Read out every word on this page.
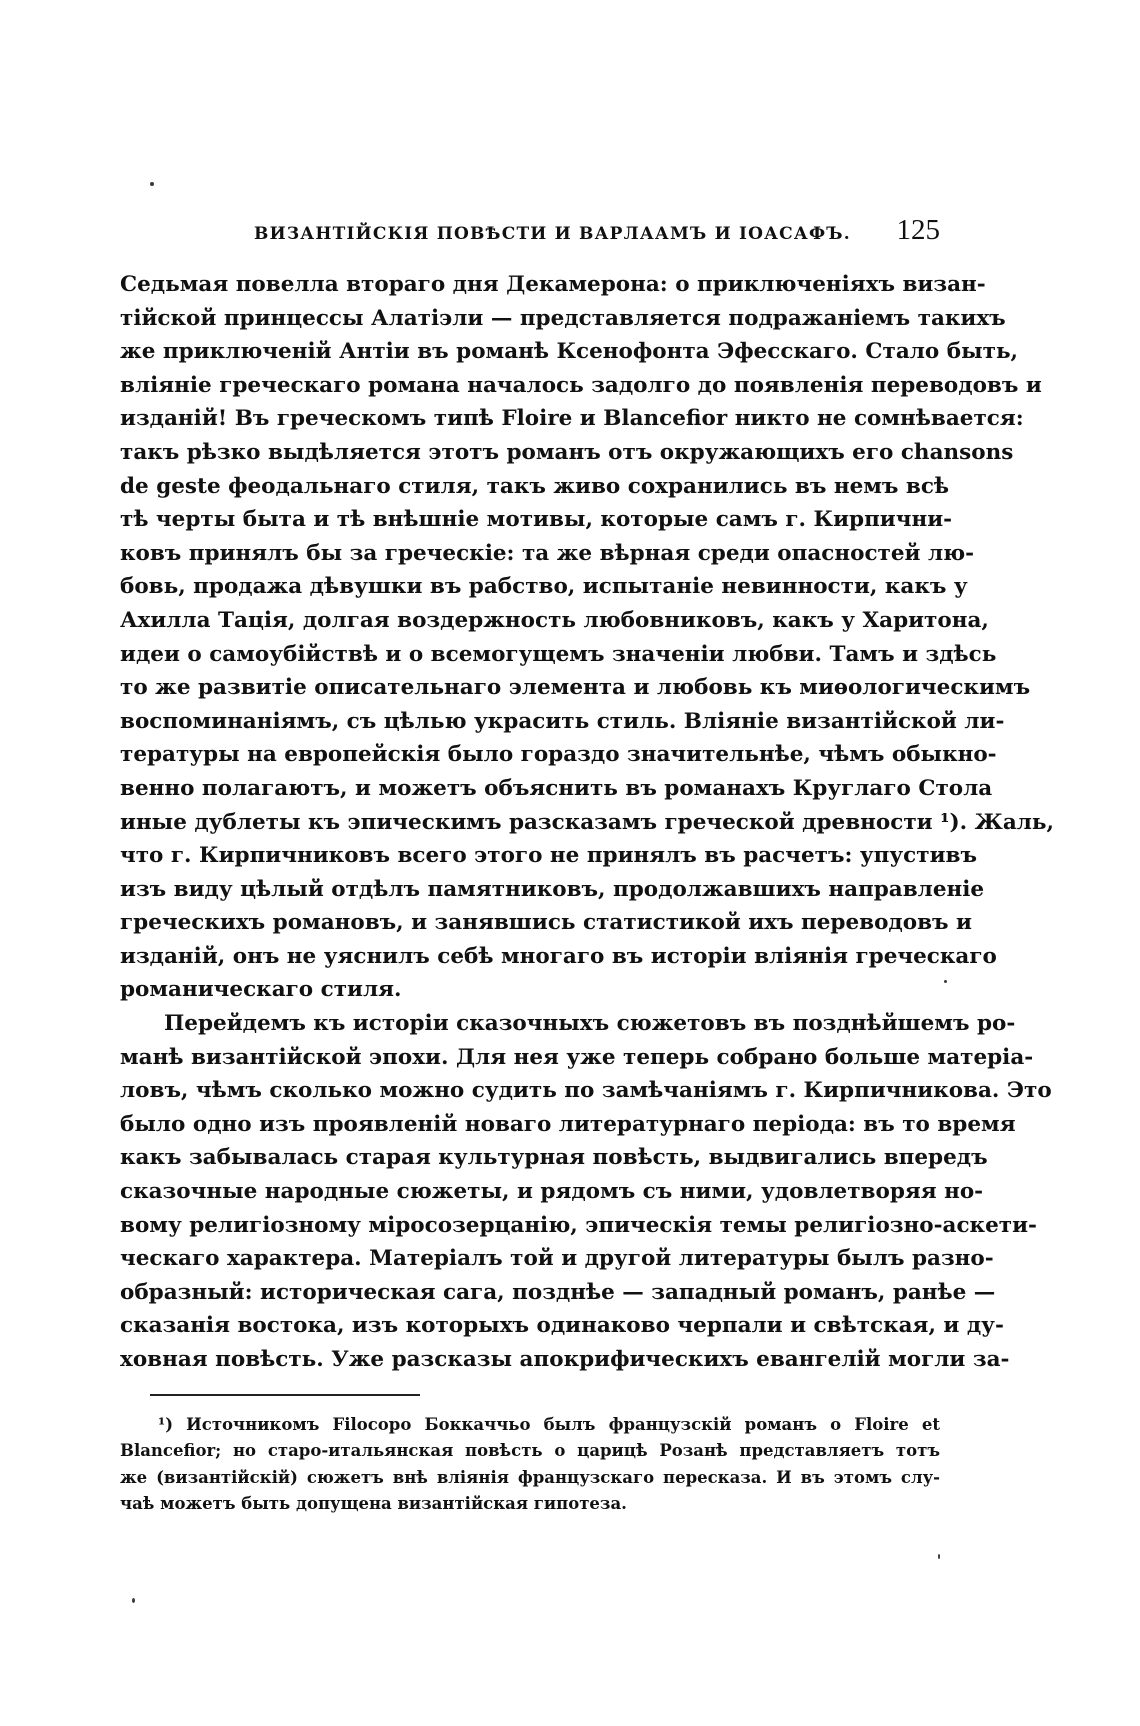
ВИЗАНТІЙСКІЯ ПОВѢСТИ И ВАРЛААМЪ И ІОАСАФЪ. 125
Седьмая повелла втораго дня Декамерона: о приключеніяхъ визан-
тійской принцессы Алатіэли — представляется подражаніемъ такихъ
же приключеній Антіи въ романѣ Ксенофонта Эфесскаго. Стало быть,
вліяніе греческаго романа началось задолго до появленія переводовъ и
изданій! Въ греческомъ типѣ Floire и Blancefior никто не сомнѣвается:
такъ рѣзко выдѣляется этотъ романъ отъ окружающихъ его chansons
de geste феодальнаго стиля, такъ живо сохранились въ немъ всѣ
тѣ черты быта и тѣ внѣшніе мотивы, которые самъ г. Кирпични-
ковъ принялъ бы за греческіе: та же вѣрная среди опасностей лю-
бовь, продажа дѣвушки въ рабство, испытаніе невинности, какъ у
Ахилла Тація, долгая воздержность любовниковъ, какъ у Харитона,
идеи о самоубійствѣ и о всемогущемъ значеніи любви. Тамъ и здѣсь
то же развитіе описательнаго элемента и любовь къ миѳологическимъ
воспоминаніямъ, съ цѣлью украсить стиль. Вліяніе византійской ли-
тературы на европейскія было гораздо значительнѣе, чѣмъ обыкно-
венно полагаютъ, и можетъ объяснить въ романахъ Круглаго Стола
иные дублеты къ эпическимъ разсказамъ греческой древности ¹). Жаль,
что г. Кирпичниковъ всего этого не принялъ въ расчетъ: упустивъ
изъ виду цѣлый отдѣлъ памятниковъ, продолжавшихъ направленіе
греческихъ романовъ, и занявшись статистикой ихъ переводовъ и
изданій, онъ не уяснилъ себѣ многаго въ исторіи вліянія греческаго
романическаго стиля.
Перейдемъ къ исторіи сказочныхъ сюжетовъ въ позднѣйшемъ ро-
манѣ византійской эпохи. Для нея уже теперь собрано больше матеріа-
ловъ, чѣмъ сколько можно судить по замѣчаніямъ г. Кирпичникова. Это
было одно изъ проявленій новаго литературнаго періода: въ то время
какъ забывалась старая культурная повѣсть, выдвигались впередъ
сказочные народные сюжеты, и рядомъ съ ними, удовлетворяя но-
вому религіозному міросозерцанію, эпическія темы религіозно-аскети-
ческаго характера. Матеріалъ той и другой литературы былъ разно-
образный: историческая сага, позднѣе — западный романъ, ранѣе —
сказанія востока, изъ которыхъ одинаково черпали и свѣтская, и ду-
ховная повѣсть. Уже разсказы апокрифическихъ евангелій могли за-
¹) Источникомъ Filocopo Боккаччьо былъ французскій романъ о Floire et
Blancefior; но старо-итальянская повѣсть о царицѣ Розанѣ представляетъ тотъ
же (византійскій) сюжетъ внѣ вліянія французскаго пересказа. И въ этомъ слу-
чаѣ можетъ быть допущена византійская гипотеза.
